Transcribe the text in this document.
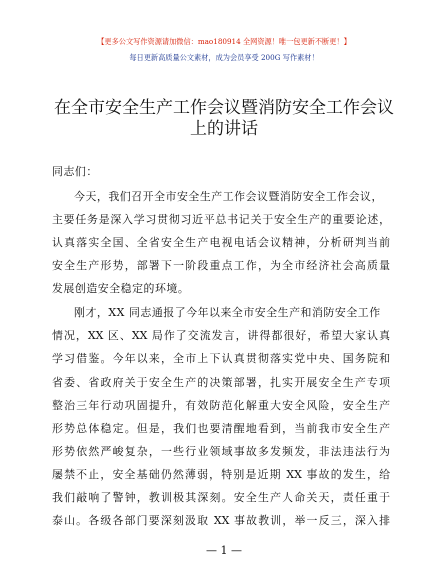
【更多公文写作资源请加微信：mao180914 全网资源！唯一包更新不断更！】
每日更新高质量公文素材，成为会员享受 200G 写作素材！
在全市安全生产工作会议暨消防安全工作会议
上的讲话
同志们：
今天，我们召开全市安全生产工作会议暨消防安全工作会议，
主要任务是深入学习贯彻习近平总书记关于安全生产的重要论述，
认真落实全国、全省安全生产电视电话会议精神，分析研判当前
安全生产形势，部署下一阶段重点工作，为全市经济社会高质量
发展创造安全稳定的环境。
刚才，XX 同志通报了今年以来全市安全生产和消防安全工作
情况，XX 区、XX 局作了交流发言，讲得都很好，希望大家认真
学习借鉴。今年以来，全市上下认真贯彻落实党中央、国务院和
省委、省政府关于安全生产的决策部署，扎实开展安全生产专项
整治三年行动巩固提升，有效防范化解重大安全风险，安全生产
形势总体稳定。但是，我们也要清醒地看到，当前我市安全生产
形势依然严峻复杂，一些行业领域事故多发频发，非法违法行为
屡禁不止，安全基础仍然薄弱，特别是近期 XX 事故的发生，给
我们敲响了警钟，教训极其深刻。安全生产人命关天，责任重于
泰山。各级各部门要深刻汲取 XX 事故教训，举一反三，深入排
— 1 —
